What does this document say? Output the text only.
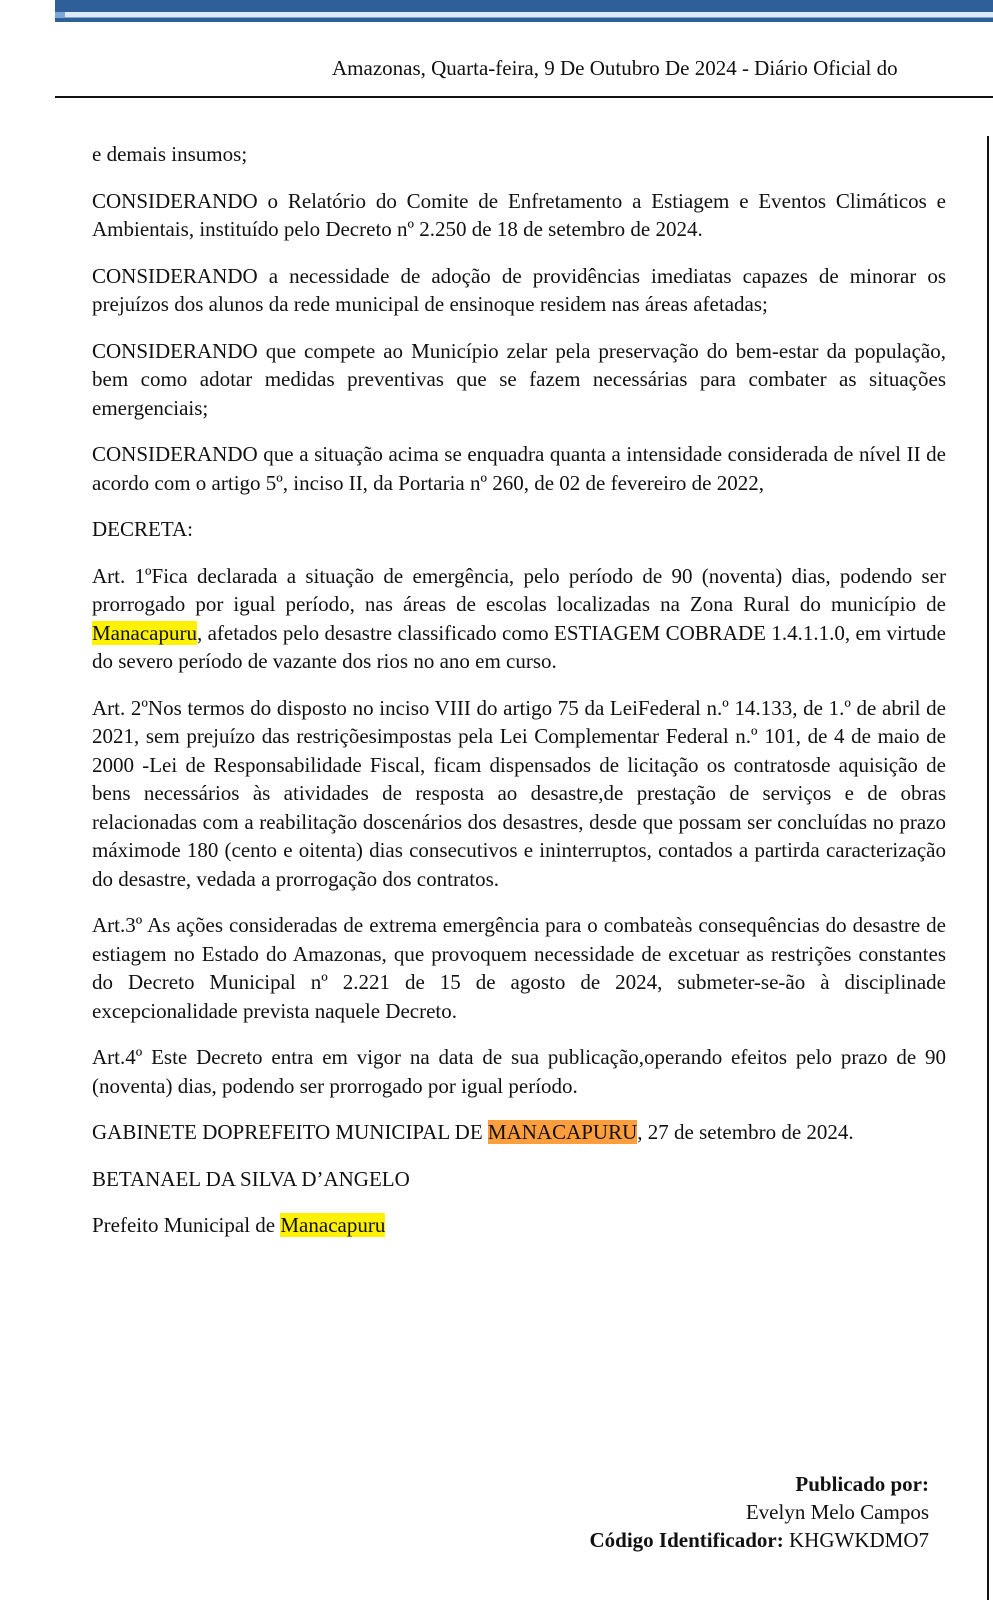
Amazonas, Quarta-feira, 9 De Outubro De 2024 - Diário Oficial do

e demais insumos;

CONSIDERANDO o Relatório do Comite de Enfretamento a Estiagem e Eventos Climáticos e Ambientais, instituído pelo Decreto nº 2.250 de 18 de setembro de 2024.

CONSIDERANDO a necessidade de adoção de providências imediatas capazes de minorar os prejuízos dos alunos da rede municipal de ensinoque residem nas áreas afetadas;

CONSIDERANDO que compete ao Município zelar pela preservação do bem-estar da população, bem como adotar medidas preventivas que se fazem necessárias para combater as situações emergenciais;

CONSIDERANDO que a situação acima se enquadra quanta a intensidade considerada de nível II de acordo com o artigo 5º, inciso II, da Portaria nº 260, de 02 de fevereiro de 2022,

DECRETA:

Art. 1ºFica declarada a situação de emergência, pelo período de 90 (noventa) dias, podendo ser prorrogado por igual período, nas áreas de escolas localizadas na Zona Rural do município de Manacapuru, afetados pelo desastre classificado como ESTIAGEM COBRADE 1.4.1.1.0, em virtude do severo período de vazante dos rios no ano em curso.

Art. 2ºNos termos do disposto no inciso VIII do artigo 75 da LeiFederal n.º 14.133, de 1.º de abril de 2021, sem prejuízo das restriçõesimpostas pela Lei Complementar Federal n.º 101, de 4 de maio de 2000 -Lei de Responsabilidade Fiscal, ficam dispensados de licitação os contratosde aquisição de bens necessários às atividades de resposta ao desastre,de prestação de serviços e de obras relacionadas com a reabilitação doscenários dos desastres, desde que possam ser concluídas no prazo máximode 180 (cento e oitenta) dias consecutivos e ininterruptos, contados a partirda caracterização do desastre, vedada a prorrogação dos contratos.

Art.3º As ações consideradas de extrema emergência para o combateàs consequências do desastre de estiagem no Estado do Amazonas, que provoquem necessidade de excetuar as restrições constantes do Decreto Municipal nº 2.221 de 15 de agosto de 2024, submeter-se-ão à disciplinade excepcionalidade prevista naquele Decreto.

Art.4º Este Decreto entra em vigor na data de sua publicação,operando efeitos pelo prazo de 90 (noventa) dias, podendo ser prorrogado por igual período.

GABINETE DOPREFEITO MUNICIPAL DE MANACAPURU, 27 de setembro de 2024.

BETANAEL DA SILVA D’ANGELO

Prefeito Municipal de Manacapuru

Publicado por:
Evelyn Melo Campos
Código Identificador: KHGWKDMO7
